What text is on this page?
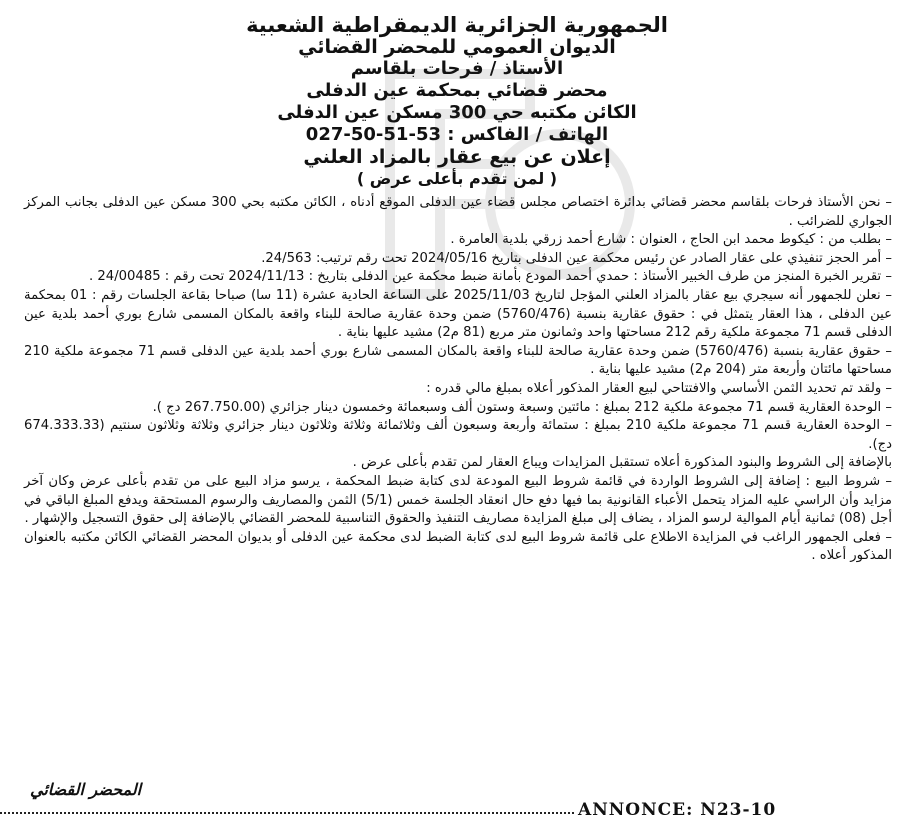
الجمهورية الجزائرية الديمقراطية الشعبية
الديوان العمومي للمحضر القضائي
الأستاذ / فرحات بلقاسم
محضر قضائي بمحكمة عين الدفلى
الكائن مكتبه حي 300 مسكن عين الدفلى
الهاتف / الفاكس : 53-51-50-027
إعلان عن بيع عقار بالمزاد العلني
( لمن تقدم بأعلى عرض )

– نحن الأستاذ فرحات بلقاسم محضر قضائي بدائرة اختصاص مجلس قضاء عين الدفلى الموقع أدناه ، الكائن مكتبه بحي 300 مسكن عين الدفلى بجانب المركز الجواري للضرائب .

– بطلب من : كيكوط محمد ابن الحاج ، العنوان : شارع أحمد زرقي بلدية العامرة .

– أمر الحجز تنفيذي على عقار الصادر عن رئيس محكمة عين الدفلى بتاريخ 2024/05/16 تحت رقم ترتيب: 24/563.

– تقرير الخبرة المنجز من طرف الخبير الأستاذ : حمدي أحمد المودع بأمانة ضبط محكمة عين الدفلى بتاريخ : 2024/11/13 تحت رقم : 24/00485 .

– نعلن للجمهور أنه سيجري بيع عقار بالمزاد العلني المؤجل لتاريخ 2025/11/03 على الساعة الحادية عشرة (11 سا) صباحا بقاعة الجلسات رقم : 01 بمحكمة عين الدفلى ، هذا العقار يتمثل في : حقوق عقارية بنسبة (5760/476) ضمن وحدة عقارية صالحة للبناء واقعة بالمكان المسمى شارع بوري أحمد بلدية عين الدفلى قسم 71 مجموعة ملكية رقم 212 مساحتها واحد وثمانون متر مربع (81 م2) مشيد عليها بناية .

– حقوق عقارية بنسبة (5760/476) ضمن وحدة عقارية صالحة للبناء واقعة بالمكان المسمى شارع بوري أحمد بلدية عين الدفلى قسم 71 مجموعة ملكية 210 مساحتها مائتان وأربعة متر (204 م2) مشيد عليها بناية .

– ولقد تم تحديد الثمن الأساسي والافتتاحي لبيع العقار المذكور أعلاه بمبلغ مالي قدره :

– الوحدة العقارية قسم 71 مجموعة ملكية 212 بمبلغ : مائتين وسبعة وستون ألف وسبعمائة وخمسون دينار جزائري (267.750.00 دج ).

– الوحدة العقارية قسم 71 مجموعة ملكية 210 بمبلغ : ستمائة وأربعة وسبعون ألف وثلاثمائة وثلاثة وثلاثون دينار جزائري وثلاثة وثلاثون سنتيم (674.333.33 دج).

بالإضافة إلى الشروط والبنود المذكورة أعلاه تستقبل المزايدات ويباع العقار لمن تقدم بأعلى عرض .

– شروط البيع : إضافة إلى الشروط الواردة في قائمة شروط البيع المودعة لدى كتابة ضبط المحكمة ، يرسو مزاد البيع على من تقدم بأعلى عرض وكان آخر مزايد وأن الراسي عليه المزاد يتحمل الأعباء القانونية بما فيها دفع حال انعقاد الجلسة خمس (5/1) الثمن والمصاريف والرسوم المستحقة ويدفع المبلغ الباقي في أجل (08) ثمانية أيام الموالية لرسو المزاد ، يضاف إلى مبلغ المزايدة مصاريف التنفيذ والحقوق التناسبية للمحضر القضائي بالإضافة إلى حقوق التسجيل والإشهار .

– فعلى الجمهور الراغب في المزايدة الاطلاع على قائمة شروط البيع لدى كتابة الضبط لدى محكمة عين الدفلى أو بديوان المحضر القضائي الكائن مكتبه بالعنوان المذكور أعلاه .

المحضر القضائي
ANNONCE: N23-10
